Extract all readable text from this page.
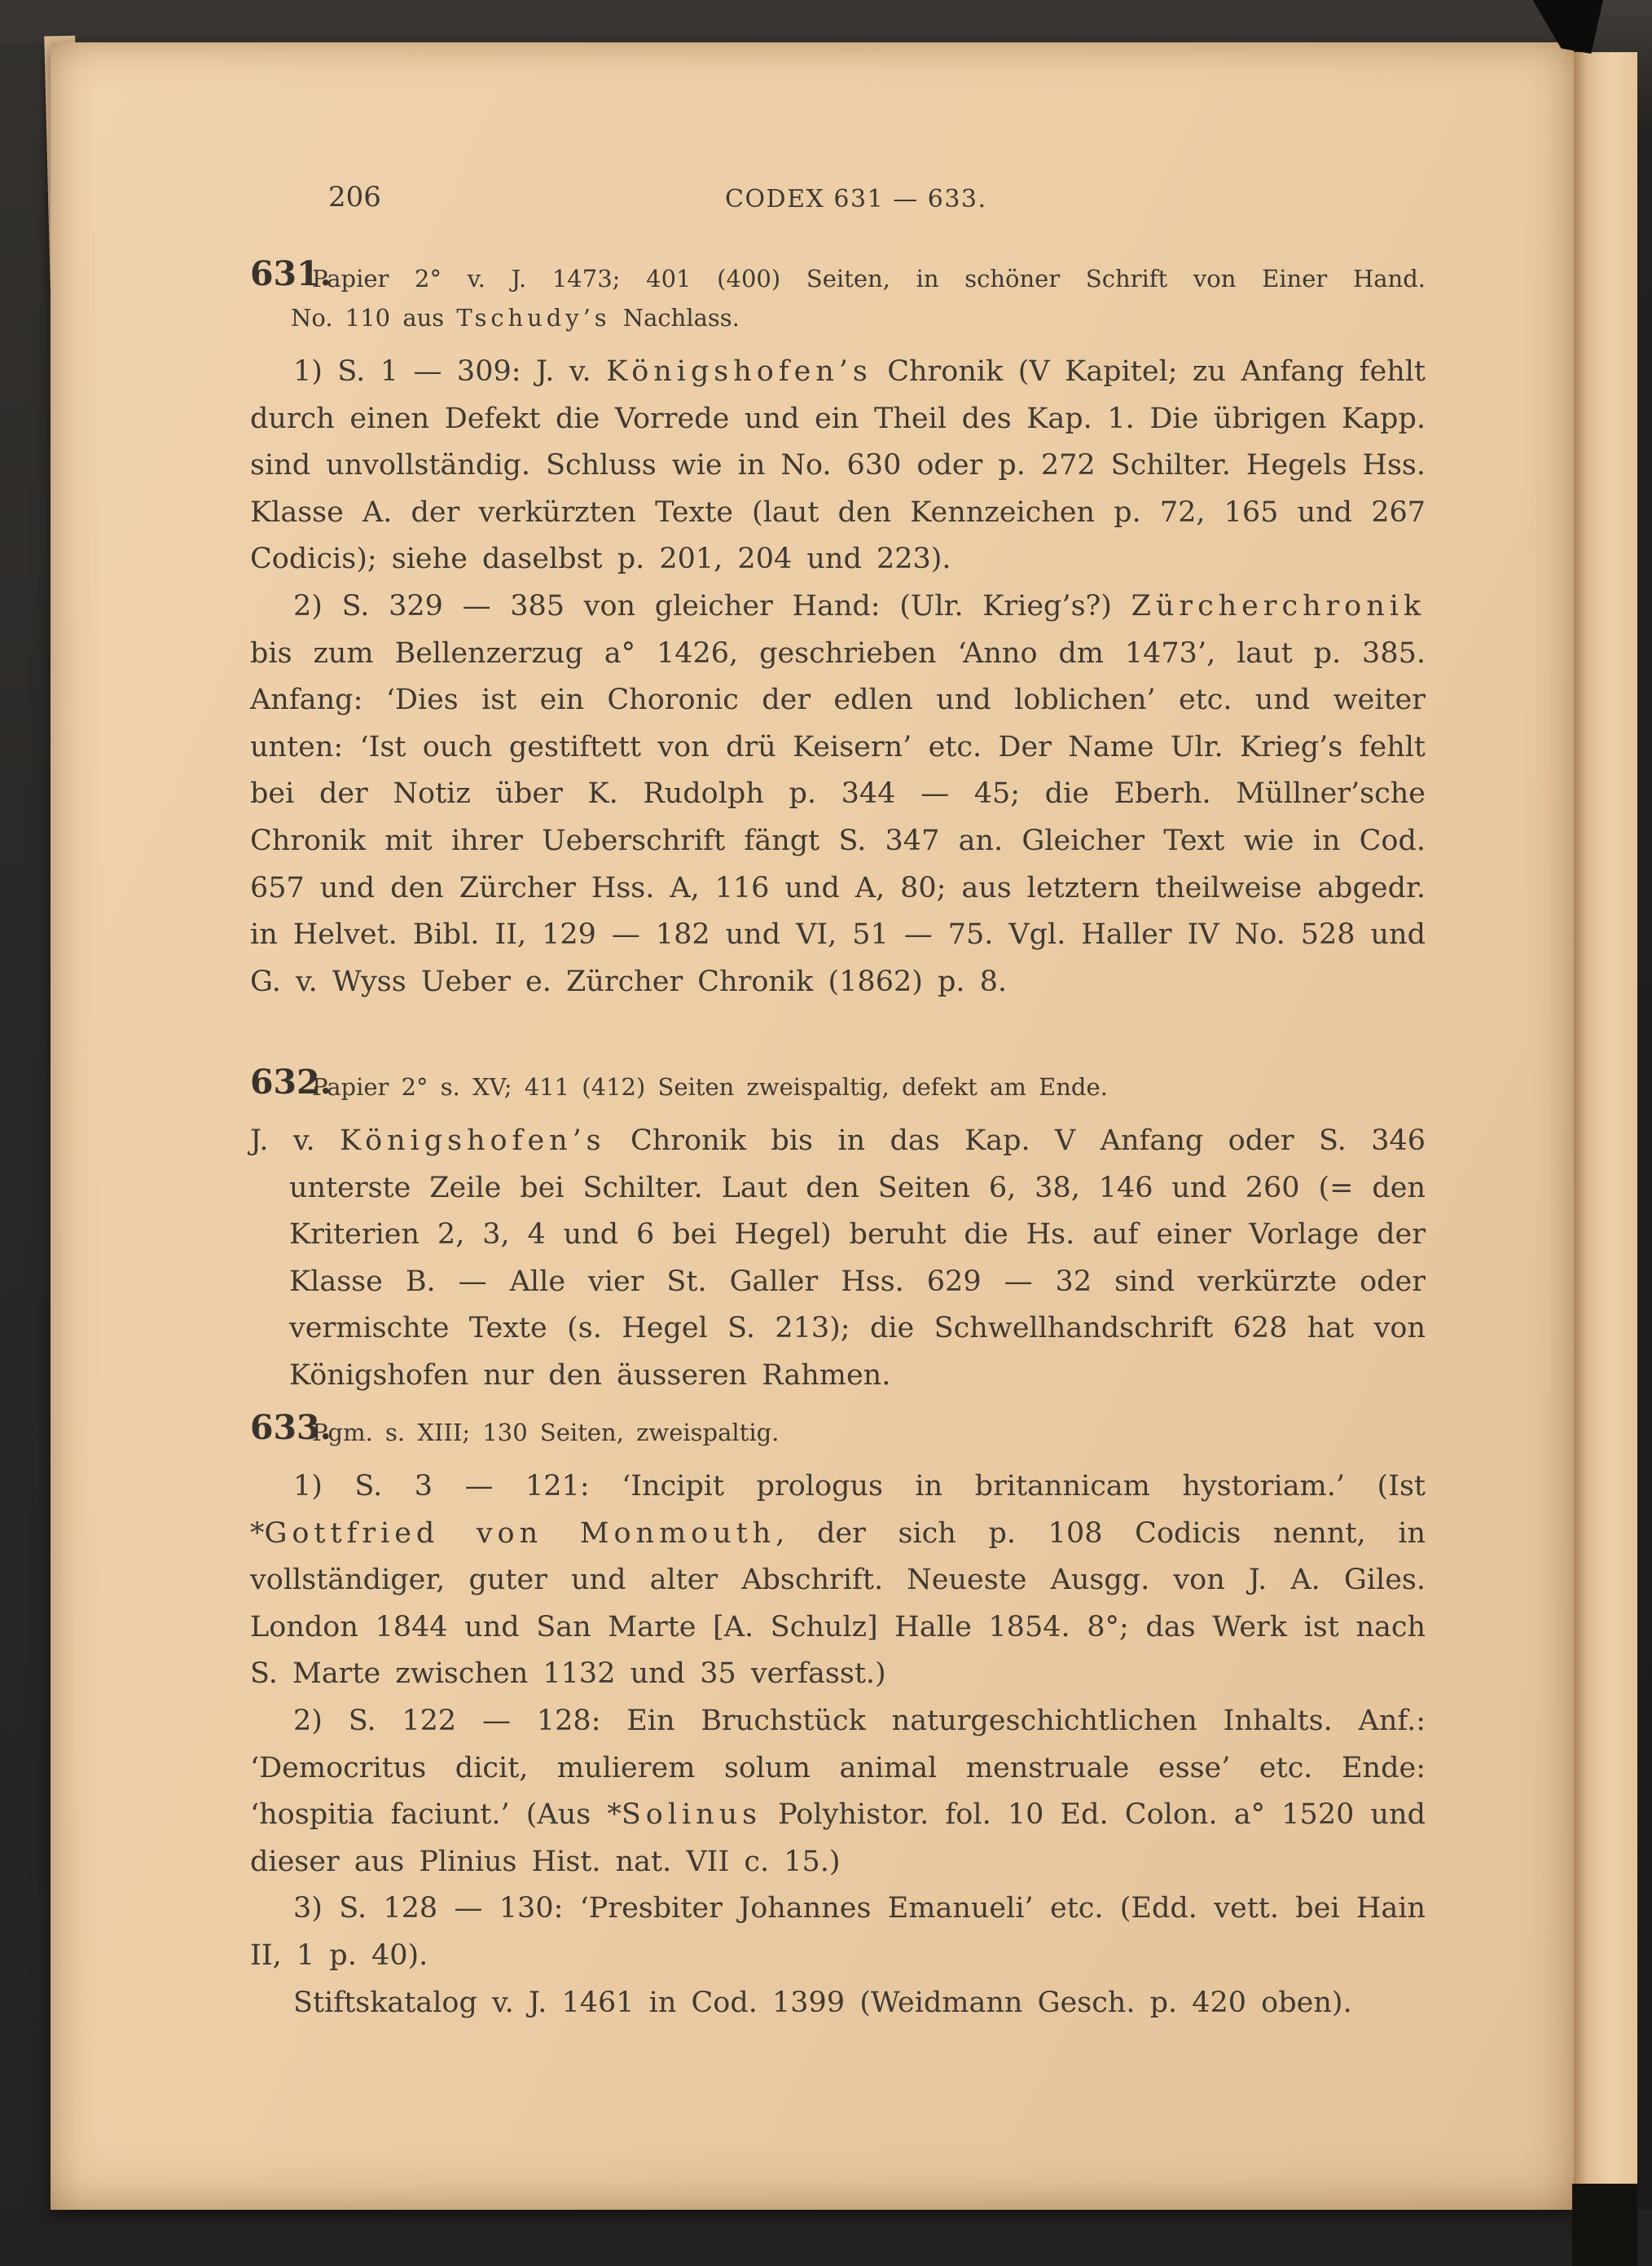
206	CODEX 631 — 633.
631.
Papier 2° v. J. 1473; 401 (400) Seiten, in schöner Schrift von Einer Hand.
No. 110 aus Tschudy’s Nachlass.
1) S. 1 — 309: J. v. Königshofen’s Chronik (V Kapitel; zu Anfang fehlt durch einen Defekt die Vorrede und ein Theil des Kap. 1. Die übrigen Kapp. sind unvollständig. Schluss wie in No. 630 oder p. 272 Schilter. Hegels Hss. Klasse A. der verkürzten Texte (laut den Kennzeichen p. 72, 165 und 267 Codicis); siehe daselbst p. 201, 204 und 223).
2) S. 329 — 385 von gleicher Hand: (Ulr. Krieg’s?) Zürcherchronik bis zum Bellenzerzug a° 1426, geschrieben ‘Anno dm 1473’, laut p. 385. Anfang: ‘Dies ist ein Choronic der edlen und loblichen’ etc. und weiter unten: ‘Ist ouch gestiftett von drü Keisern’ etc. Der Name Ulr. Krieg’s fehlt bei der Notiz über K. Rudolph p. 344 — 45; die Eberh. Müllner’sche Chronik mit ihrer Ueberschrift fängt S. 347 an. Gleicher Text wie in Cod. 657 und den Zürcher Hss. A, 116 und A, 80; aus letztern theilweise abgedr. in Helvet. Bibl. II, 129 — 182 und VI, 51 — 75. Vgl. Haller IV No. 528 und G. v. Wyss Ueber e. Zürcher Chronik (1862) p. 8.
632.
Papier 2° s. XV; 411 (412) Seiten zweispaltig, defekt am Ende.
J. v. Königshofen’s Chronik bis in das Kap. V Anfang oder S. 346 unterste Zeile bei Schilter. Laut den Seiten 6, 38, 146 und 260 (= den Kriterien 2, 3, 4 und 6 bei Hegel) beruht die Hs. auf einer Vorlage der Klasse B. — Alle vier St. Galler Hss. 629 — 32 sind verkürzte oder vermischte Texte (s. Hegel S. 213); die Schwellhandschrift 628 hat von Königshofen nur den äusseren Rahmen.
633.
Pgm. s. XIII; 130 Seiten, zweispaltig.
1) S. 3 — 121: ‘Incipit prologus in britannicam hystoriam.’ (Ist *Gottfried von Monmouth, der sich p. 108 Codicis nennt, in vollständiger, guter und alter Abschrift. Neueste Ausgg. von J. A. Giles. London 1844 und San Marte [A. Schulz] Halle 1854. 8°; das Werk ist nach S. Marte zwischen 1132 und 35 verfasst.)
2) S. 122 — 128: Ein Bruchstück naturgeschichtlichen Inhalts. Anf.: ‘Democritus dicit, mulierem solum animal menstruale esse’ etc. Ende: ‘hospitia faciunt.’ (Aus *Solinus Polyhistor. fol. 10 Ed. Colon. a° 1520 und dieser aus Plinius Hist. nat. VII c. 15.)
3) S. 128 — 130: ‘Presbiter Johannes Emanueli’ etc. (Edd. vett. bei Hain II, 1 p. 40).
Stiftskatalog v. J. 1461 in Cod. 1399 (Weidmann Gesch. p. 420 oben).
